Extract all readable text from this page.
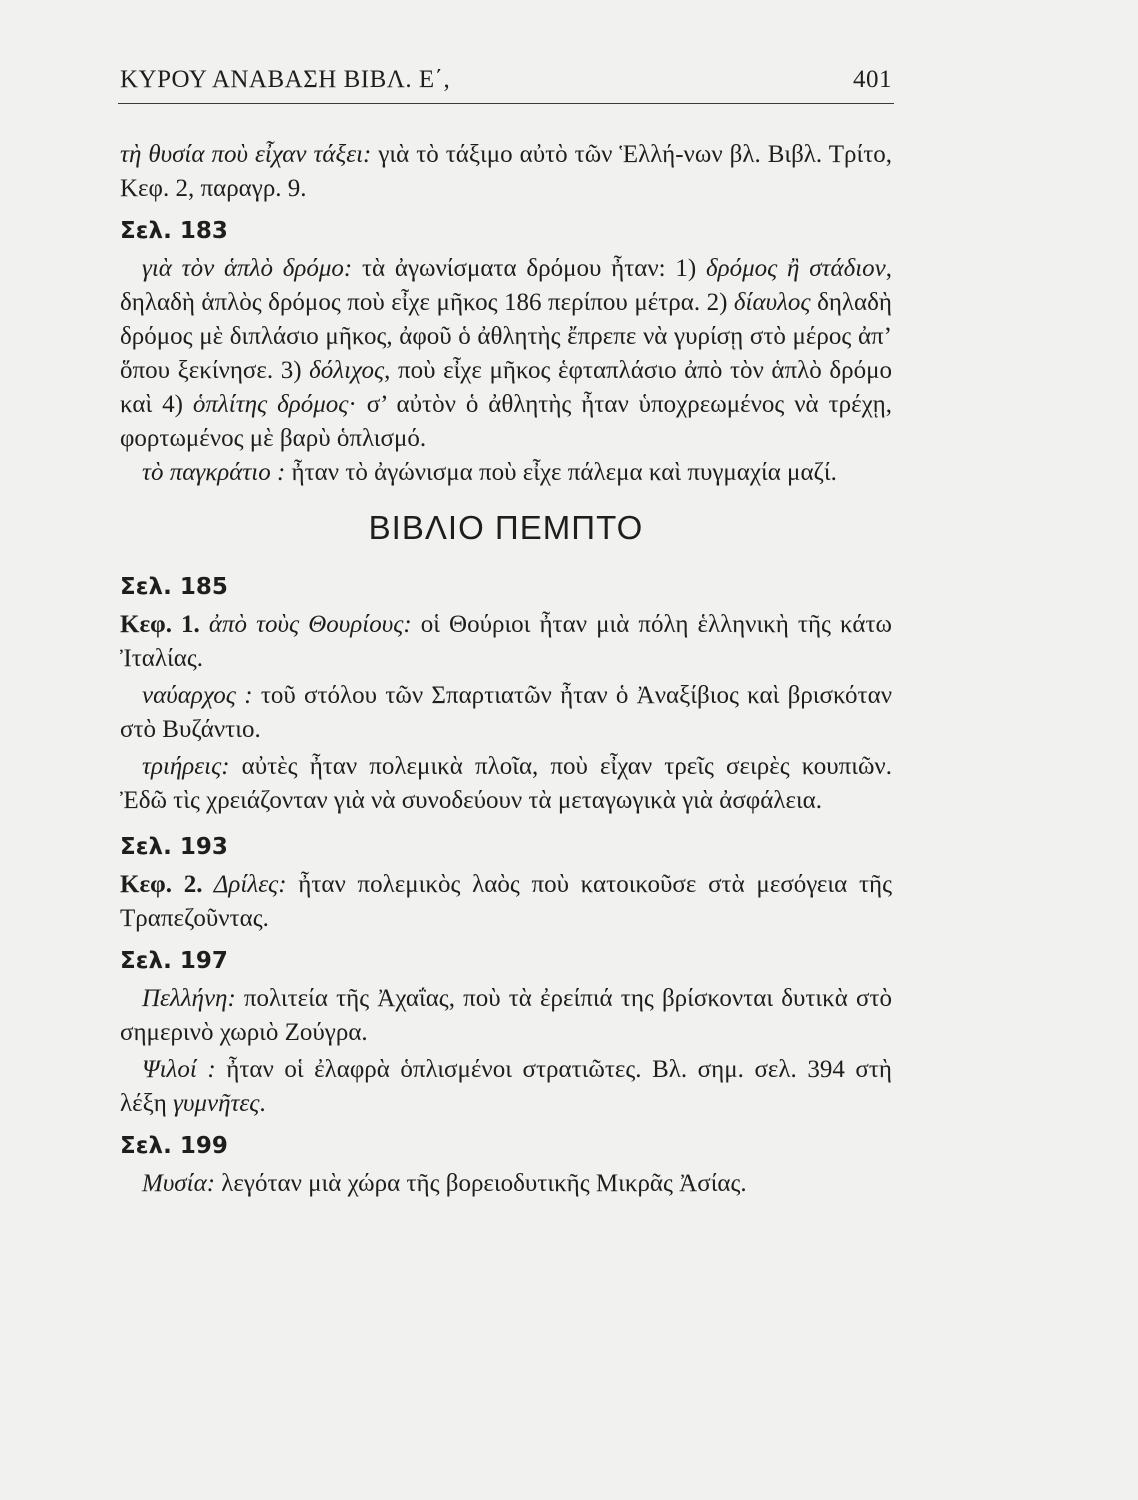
ΚΥΡΟΥ ΑΝΑΒΑΣΗ ΒΙΒΛ. Ε΄,	401

τὴ θυσία ποὺ εἶχαν τάξει: γιὰ τὸ τάξιμο αὐτὸ τῶν Ἑλλή-νων βλ. Βιβλ. Τρίτο, Κεφ. 2, παραγρ. 9.

Σελ. 183

γιὰ τὸν ἁπλὸ δρόμο: τὰ ἀγωνίσματα δρόμου ἦταν: 1) δρόμος ἢ στάδιον, δηλαδὴ ἁπλὸς δρόμος ποὺ εἶχε μῆκος 186 περίπου μέτρα. 2) δίαυλος δηλαδὴ δρόμος μὲ διπλάσιο μῆκος, ἀφοῦ ὁ ἀθλητὴς ἔπρεπε νὰ γυρίσῃ στὸ μέρος ἀπ’ ὅπου ξεκίνησε. 3) δόλιχος, ποὺ εἶχε μῆκος ἑφταπλάσιο ἀπὸ τὸν ἁπλὸ δρόμο καὶ 4) ὁπλίτης δρόμος· σ’ αὐτὸν ὁ ἀθλητὴς ἦταν ὑποχρεωμένος νὰ τρέχῃ, φορτωμένος μὲ βαρὺ ὁπλισμό.

τὸ παγκράτιο : ἦταν τὸ ἀγώνισμα ποὺ εἶχε πάλεμα καὶ πυγμαχία μαζί.

ΒΙΒΛΙΟ ΠΕΜΠΤΟ
Σελ. 185

Κεφ. 1. ἀπὸ τοὺς Θουρίους: οἱ Θούριοι ἦταν μιὰ πόλη ἑλληνικὴ τῆς κάτω Ἰταλίας.

ναύαρχος : τοῦ στόλου τῶν Σπαρτιατῶν ἦταν ὁ Ἀναξίβιος καὶ βρισκόταν στὸ Βυζάντιο.

τριήρεις: αὐτὲς ἦταν πολεμικὰ πλοῖα, ποὺ εἶχαν τρεῖς σειρὲς κουπιῶν. Ἐδῶ τὶς χρειάζονταν γιὰ νὰ συνοδεύουν τὰ μεταγωγικὰ γιὰ ἀσφάλεια.

Σελ. 193

Κεφ. 2. Δρίλες: ἦταν πολεμικὸς λαὸς ποὺ κατοικοῦσε στὰ μεσόγεια τῆς Τραπεζοῦντας.

Σελ. 197

Πελλήνη: πολιτεία τῆς Ἀχαΐας, ποὺ τὰ ἐρείπιά της βρίσκονται δυτικὰ στὸ σημερινὸ χωριὸ Ζούγρα.

Ψιλοί : ἦταν οἱ ἐλαφρὰ ὁπλισμένοι στρατιῶτες. Βλ. σημ. σελ. 394 στὴ λέξη γυμνῆτες.

Σελ. 199

Μυσία: λεγόταν μιὰ χώρα τῆς βορειοδυτικῆς Μικρᾶς Ἀσίας.
